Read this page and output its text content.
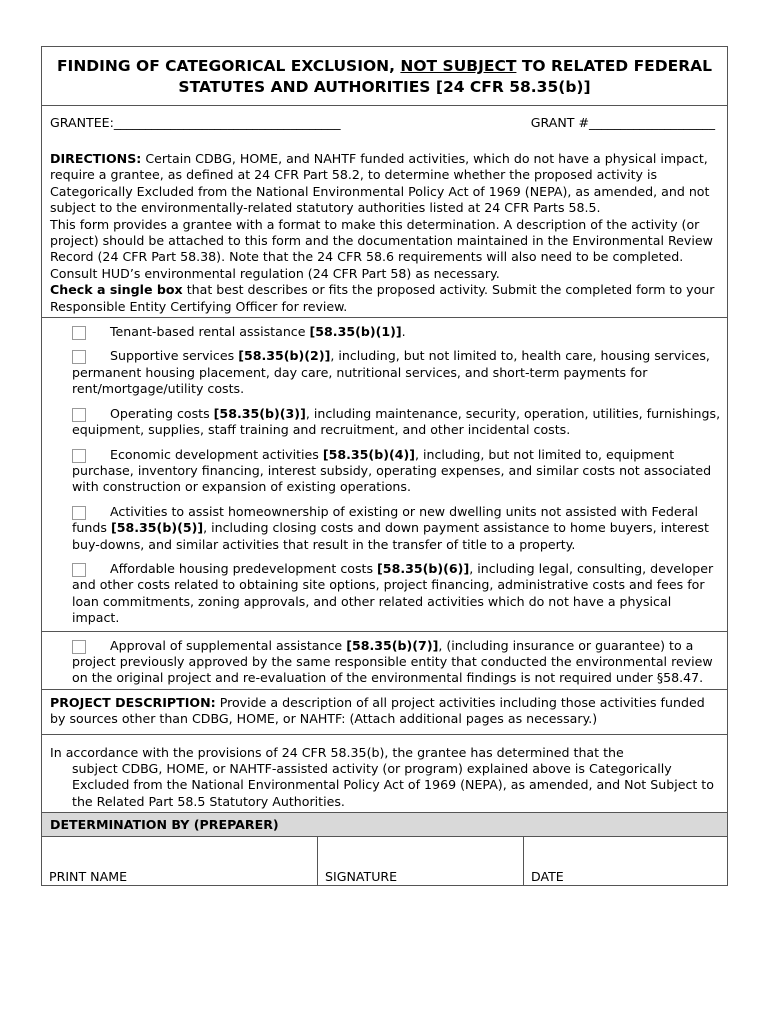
FINDING OF CATEGORICAL EXCLUSION, NOT SUBJECT TO RELATED FEDERAL STATUTES AND AUTHORITIES [24 CFR 58.35(b)]
GRANTEE:____________________________________	GRANT #____________________

DIRECTIONS: Certain CDBG, HOME, and NAHTF funded activities, which do not have a physical impact, require a grantee, as defined at 24 CFR Part 58.2, to determine whether the proposed activity is Categorically Excluded from the National Environmental Policy Act of 1969 (NEPA), as amended, and not subject to the environmentally-related statutory authorities listed at 24 CFR Parts 58.5.

This form provides a grantee with a format to make this determination. A description of the activity (or project) should be attached to this form and the documentation maintained in the Environmental Review Record (24 CFR Part 58.38). Note that the 24 CFR 58.6 requirements will also need to be completed. Consult HUD’s environmental regulation (24 CFR Part 58) as necessary.

Check a single box that best describes or fits the proposed activity. Submit the completed form to your Responsible Entity Certifying Officer for review.

Tenant-based rental assistance [58.35(b)(1)].
Supportive services [58.35(b)(2)], including, but not limited to, health care, housing services, permanent housing placement, day care, nutritional services, and short-term payments for rent/mortgage/utility costs.
Operating costs [58.35(b)(3)], including maintenance, security, operation, utilities, furnishings, equipment, supplies, staff training and recruitment, and other incidental costs.
Economic development activities [58.35(b)(4)], including, but not limited to, equipment purchase, inventory financing, interest subsidy, operating expenses, and similar costs not associated with construction or expansion of existing operations.
Activities to assist homeownership of existing or new dwelling units not assisted with Federal funds [58.35(b)(5)], including closing costs and down payment assistance to home buyers, interest buy-downs, and similar activities that result in the transfer of title to a property.
Affordable housing predevelopment costs [58.35(b)(6)], including legal, consulting, developer and other costs related to obtaining site options, project financing, administrative costs and fees for loan commitments, zoning approvals, and other related activities which do not have a physical impact.
Approval of supplemental assistance [58.35(b)(7)], (including insurance or guarantee) to a project previously approved by the same responsible entity that conducted the environmental review on the original project and re-evaluation of the environmental findings is not required under §58.47.
PROJECT DESCRIPTION: Provide a description of all project activities including those activities funded by sources other than CDBG, HOME, or NAHTF: (Attach additional pages as necessary.)
In accordance with the provisions of 24 CFR 58.35(b), the grantee has determined that the
subject CDBG, HOME, or NAHTF-assisted activity (or program) explained above is Categorically Excluded from the National Environmental Policy Act of 1969 (NEPA), as amended, and Not Subject to the Related Part 58.5 Statutory Authorities.
DETERMINATION BY (PREPARER)
PRINT NAME	SIGNATURE	DATE
